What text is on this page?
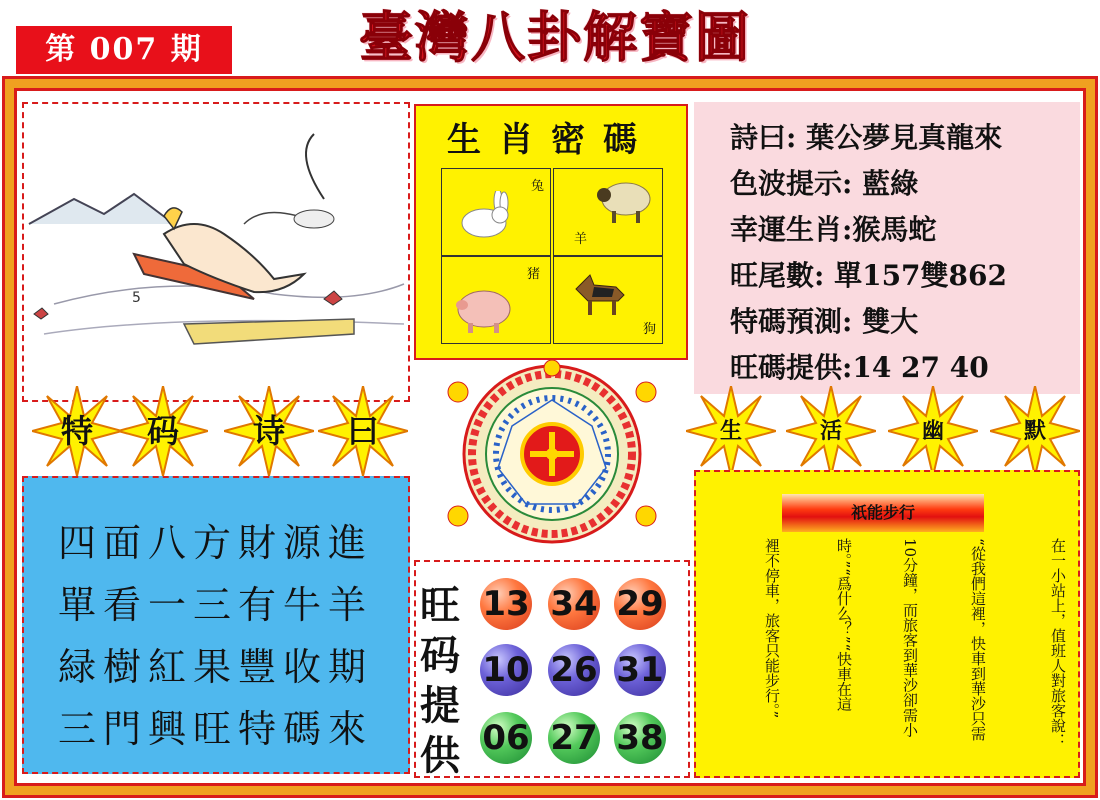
第 007 期	臺灣八卦解寶圖
5
生肖密碼
兔
羊
猪
狗
詩曰: 葉公夢見真龍來
色波提示: 藍綠
幸運生肖:猴馬蛇
旺尾數: 單157雙862
特碼預測: 雙大
旺碼提供:14 27 40
特	码	诗	曰	生	活	幽	默
四面八方財源進
單看一三有牛羊
緑樹紅果豐收期
三門興旺特碼來
旺
码
提
供
13 34 29
10 26 31
06 27 38
祇能步行
在一小站上，值班人對旅客說：
“從我們這裡，快車到華沙只需
10分鐘，而旅客到華沙卻需小
時。”“爲什么？”“快車在這
裡不停車，旅客只能步行。”
